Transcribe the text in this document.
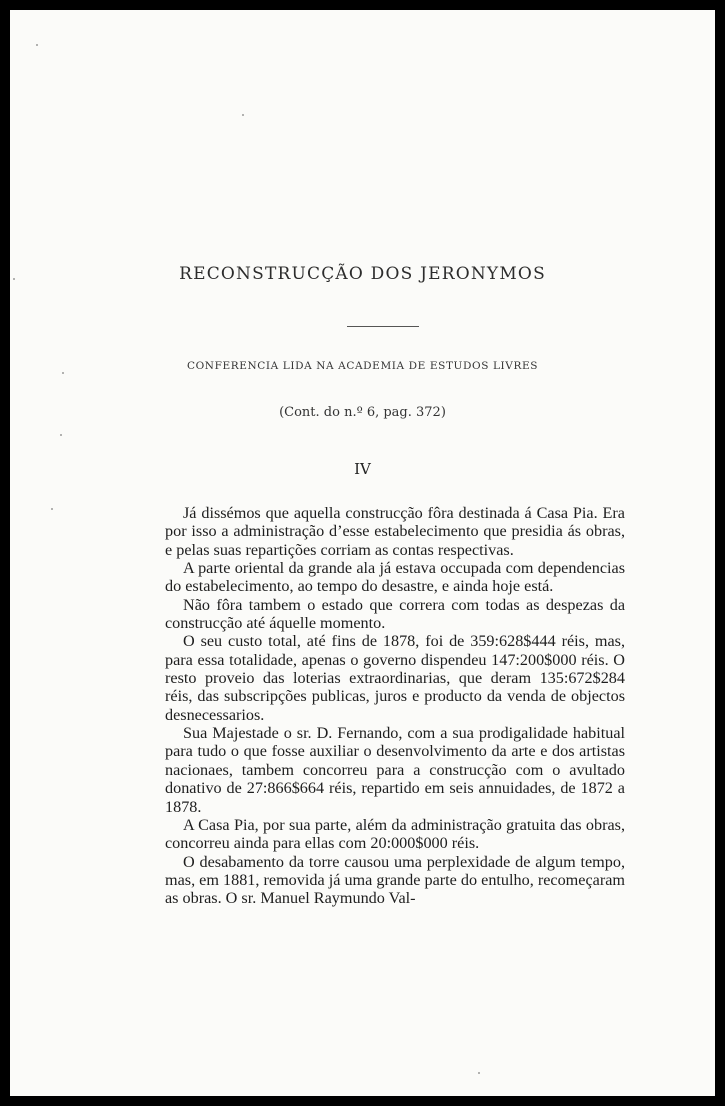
RECONSTRUCÇÃO DOS JERONYMOS
CONFERENCIA LIDA NA ACADEMIA DE ESTUDOS LIVRES
(Cont. do n.º 6, pag. 372)
IV

Já dissémos que aquella construcção fôra destinada á Casa Pia. Era por isso a administração d’esse estabelecimento que presidia ás obras, e pelas suas repartições corriam as contas respectivas.

A parte oriental da grande ala já estava occupada com dependencias do estabelecimento, ao tempo do desastre, e ainda hoje está.

Não fôra tambem o estado que correra com todas as despezas da construcção até áquelle momento.

O seu custo total, até fins de 1878, foi de 359:628$444 réis, mas, para essa totalidade, apenas o governo dispendeu 147:200$000 réis. O resto proveio das loterias extraordinarias, que deram 135:672$284 réis, das subscripções publicas, juros e producto da venda de objectos desnecessarios.

Sua Majestade o sr. D. Fernando, com a sua prodigalidade habitual para tudo o que fosse auxiliar o desenvolvimento da arte e dos artistas nacionaes, tambem concorreu para a construcção com o avultado donativo de 27:866$664 réis, repartido em seis annuidades, de 1872 a 1878.

A Casa Pia, por sua parte, além da administração gratuita das obras, concorreu ainda para ellas com 20:000$000 réis.

O desabamento da torre causou uma perplexidade de algum tempo, mas, em 1881, removida já uma grande parte do entulho, recomeçaram as obras. O sr. Manuel Raymundo Val-
